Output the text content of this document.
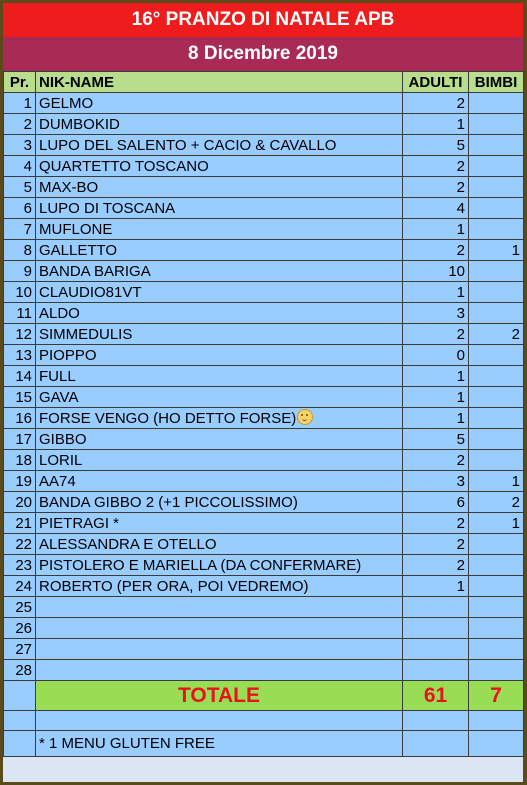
16° PRANZO DI NATALE APB
8 Dicembre 2019
Pr.	NIK-NAME	ADULTI	BIMBI
1	GELMO	2	
2	DUMBOKID	1	
3	LUPO DEL SALENTO + CACIO & CAVALLO	5	
4	QUARTETTO TOSCANO	2	
5	MAX-BO	2	
6	LUPO DI TOSCANA	4	
7	MUFLONE	1	
8	GALLETTO	2	1
9	BANDA BARIGA	10	
10	CLAUDIO81VT	1	
11	ALDO	3	
12	SIMMEDULIS	2	2
13	PIOPPO	0	
14	FULL	1	
15	GAVA	1	
16	FORSE VENGO (HO DETTO FORSE)	1	
17	GIBBO	5	
18	LORIL	2	
19	AA74	3	1
20	BANDA GIBBO 2 (+1 PICCOLISSIMO)	6	2
21	PIETRAGI *	2	1
22	ALESSANDRA E OTELLO	2	
23	PISTOLERO E MARIELLA (DA CONFERMARE)	2	
24	ROBERTO (PER ORA, POI VEDREMO)	1	
25			
26			
27			
28			
	TOTALE	61	7

	* 1 MENU GLUTEN FREE		
